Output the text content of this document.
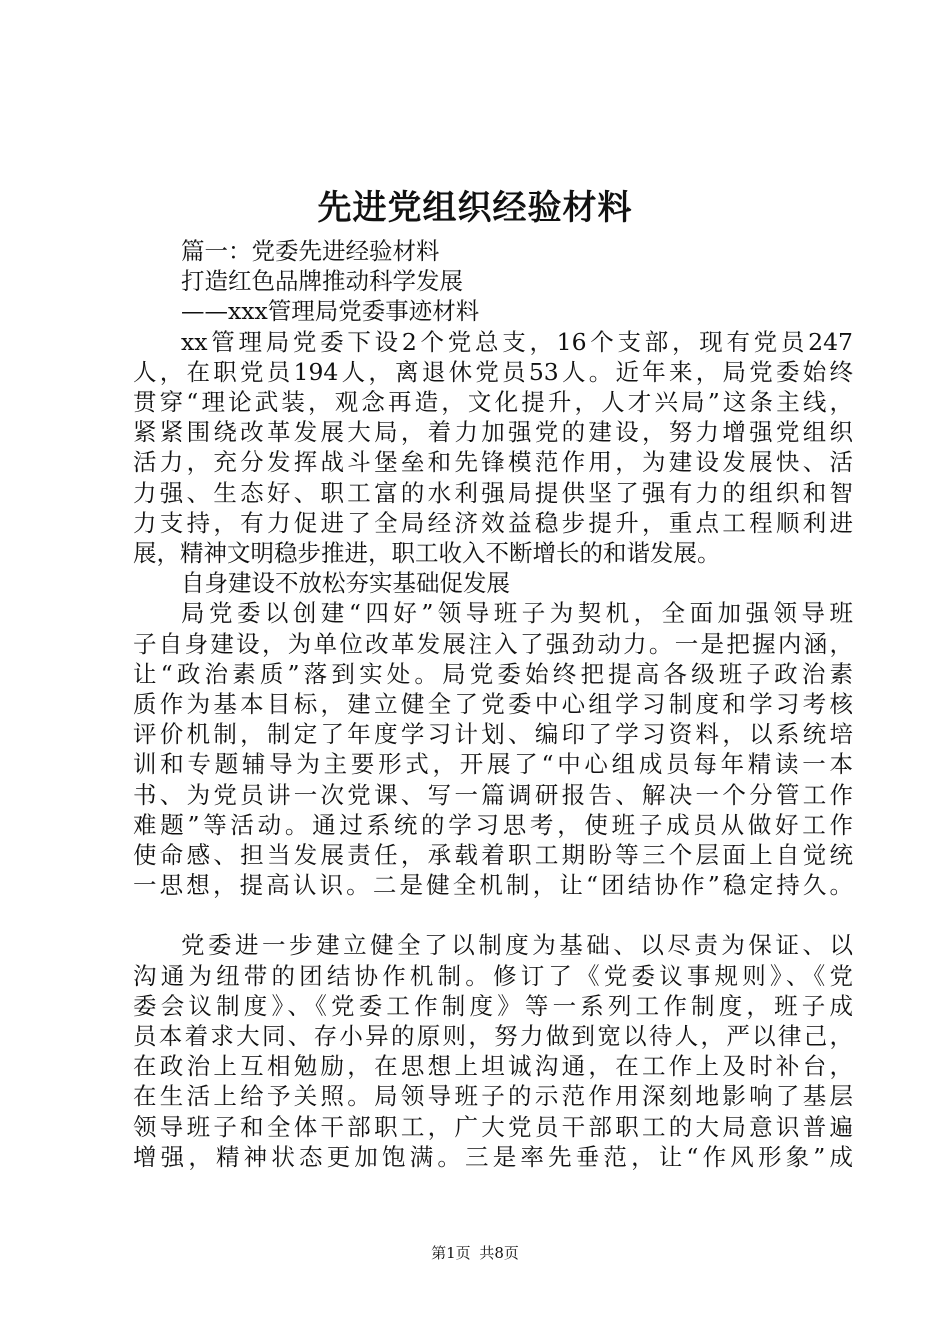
先进党组织经验材料
篇一：党委先进经验材料
打造红色品牌推动科学发展
——xxx管理局党委事迹材料
xx管理局党委下设2个党总支，16个支部，现有党员247
人，在职党员194人，离退休党员53人。近年来，局党委始终
贯穿“理论武装，观念再造，文化提升，人才兴局”这条主线，
紧紧围绕改革发展大局，着力加强党的建设，努力增强党组织
活力，充分发挥战斗堡垒和先锋模范作用，为建设发展快、活
力强、生态好、职工富的水利强局提供坚了强有力的组织和智
力支持，有力促进了全局经济效益稳步提升，重点工程顺利进
展，精神文明稳步推进，职工收入不断增长的和谐发展。
自身建设不放松夯实基础促发展
局党委以创建“四好”领导班子为契机，全面加强领导班
子自身建设，为单位改革发展注入了强劲动力。一是把握内涵，
让“政治素质”落到实处。局党委始终把提高各级班子政治素
质作为基本目标，建立健全了党委中心组学习制度和学习考核
评价机制，制定了年度学习计划、编印了学习资料，以系统培
训和专题辅导为主要形式，开展了“中心组成员每年精读一本
书、为党员讲一次党课、写一篇调研报告、解决一个分管工作
难题”等活动。通过系统的学习思考，使班子成员从做好工作
使命感、担当发展责任，承载着职工期盼等三个层面上自觉统
一思想，提高认识。二是健全机制，让“团结协作”稳定持久。
党委进一步建立健全了以制度为基础、以尽责为保证、以
沟通为纽带的团结协作机制。修订了《党委议事规则》、《党
委会议制度》、《党委工作制度》等一系列工作制度，班子成
员本着求大同、存小异的原则，努力做到宽以待人，严以律己，
在政治上互相勉励，在思想上坦诚沟通，在工作上及时补台，
在生活上给予关照。局领导班子的示范作用深刻地影响了基层
领导班子和全体干部职工，广大党员干部职工的大局意识普遍
增强，精神状态更加饱满。三是率先垂范，让“作风形象”成
第1页 共8页
